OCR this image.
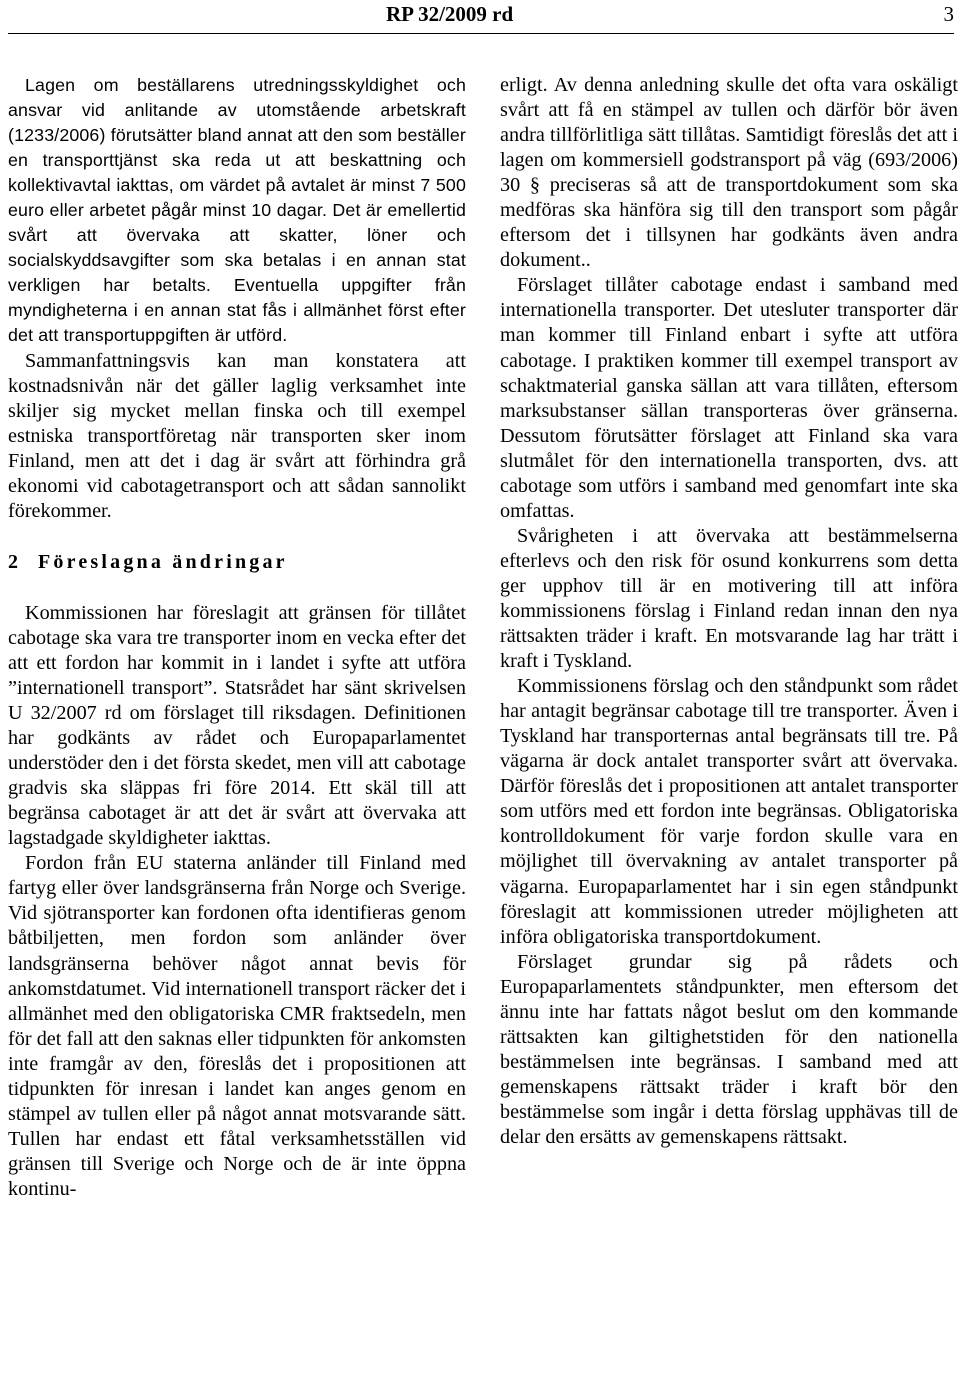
RP 32/2009 rd	3

Lagen om beställarens utredningsskyldighet och ansvar vid anlitande av utomstående arbetskraft (1233/2006) förutsätter bland annat att den som beställer en transporttjänst ska reda ut att beskattning och kollektivavtal iakttas, om värdet på avtalet är minst 7 500 euro eller arbetet pågår minst 10 dagar. Det är emellertid svårt att övervaka att skatter, löner och socialskyddsavgifter som ska betalas i en annan stat verkligen har betalts. Eventuella uppgifter från myndigheterna i en annan stat fås i allmänhet först efter det att transportuppgiften är utförd.

Sammanfattningsvis kan man konstatera att kostnadsnivån när det gäller laglig verksamhet inte skiljer sig mycket mellan finska och till exempel estniska transportföretag när transporten sker inom Finland, men att det i dag är svårt att förhindra grå ekonomi vid cabotagetransport och att sådan sannolikt förekommer.

2 Föreslagna ändringar

Kommissionen har föreslagit att gränsen för tillåtet cabotage ska vara tre transporter inom en vecka efter det att ett fordon har kommit in i landet i syfte att utföra ”internationell transport”. Statsrådet har sänt skrivelsen U 32/2007 rd om förslaget till riksdagen. Definitionen har godkänts av rådet och Europaparlamentet understöder den i det första skedet, men vill att cabotage gradvis ska släppas fri före 2014. Ett skäl till att begränsa cabotaget är att det är svårt att övervaka att lagstadgade skyldigheter iakttas.

Fordon från EU staterna anländer till Finland med fartyg eller över landsgränserna från Norge och Sverige. Vid sjötransporter kan fordonen ofta identifieras genom båtbiljetten, men fordon som anländer över landsgränserna behöver något annat bevis för ankomstdatumet. Vid internationell transport räcker det i allmänhet med den obligatoriska CMR fraktsedeln, men för det fall att den saknas eller tidpunkten för ankomsten inte framgår av den, föreslås det i propositionen att tidpunkten för inresan i landet kan anges genom en stämpel av tullen eller på något annat motsvarande sätt. Tullen har endast ett fåtal verksamhetsställen vid gränsen till Sverige och Norge och de är inte öppna kontinu-

erligt. Av denna anledning skulle det ofta vara oskäligt svårt att få en stämpel av tullen och därför bör även andra tillförlitliga sätt tillåtas. Samtidigt föreslås det att i lagen om kommersiell godstransport på väg (693/2006) 30 § preciseras så att de transportdokument som ska medföras ska hänföra sig till den transport som pågår eftersom det i tillsynen har godkänts även andra dokument..

Förslaget tillåter cabotage endast i samband med internationella transporter. Det utesluter transporter där man kommer till Finland enbart i syfte att utföra cabotage. I praktiken kommer till exempel transport av schaktmaterial ganska sällan att vara tillåten, eftersom marksubstanser sällan transporteras över gränserna. Dessutom förutsätter förslaget att Finland ska vara slutmålet för den internationella transporten, dvs. att cabotage som utförs i samband med genomfart inte ska omfattas.

Svårigheten i att övervaka att bestämmelserna efterlevs och den risk för osund konkurrens som detta ger upphov till är en motivering till att införa kommissionens förslag i Finland redan innan den nya rättsakten träder i kraft. En motsvarande lag har trätt i kraft i Tyskland.

Kommissionens förslag och den ståndpunkt som rådet har antagit begränsar cabotage till tre transporter. Även i Tyskland har transporternas antal begränsats till tre. På vägarna är dock antalet transporter svårt att övervaka. Därför föreslås det i propositionen att antalet transporter som utförs med ett fordon inte begränsas. Obligatoriska kontrolldokument för varje fordon skulle vara en möjlighet till övervakning av antalet transporter på vägarna. Europaparlamentet har i sin egen ståndpunkt föreslagit att kommissionen utreder möjligheten att införa obligatoriska transportdokument.

Förslaget grundar sig på rådets och Europaparlamentets ståndpunkter, men eftersom det ännu inte har fattats något beslut om den kommande rättsakten kan giltighetstiden för den nationella bestämmelsen inte begränsas. I samband med att gemenskapens rättsakt träder i kraft bör den bestämmelse som ingår i detta förslag upphävas till de delar den ersätts av gemenskapens rättsakt.
